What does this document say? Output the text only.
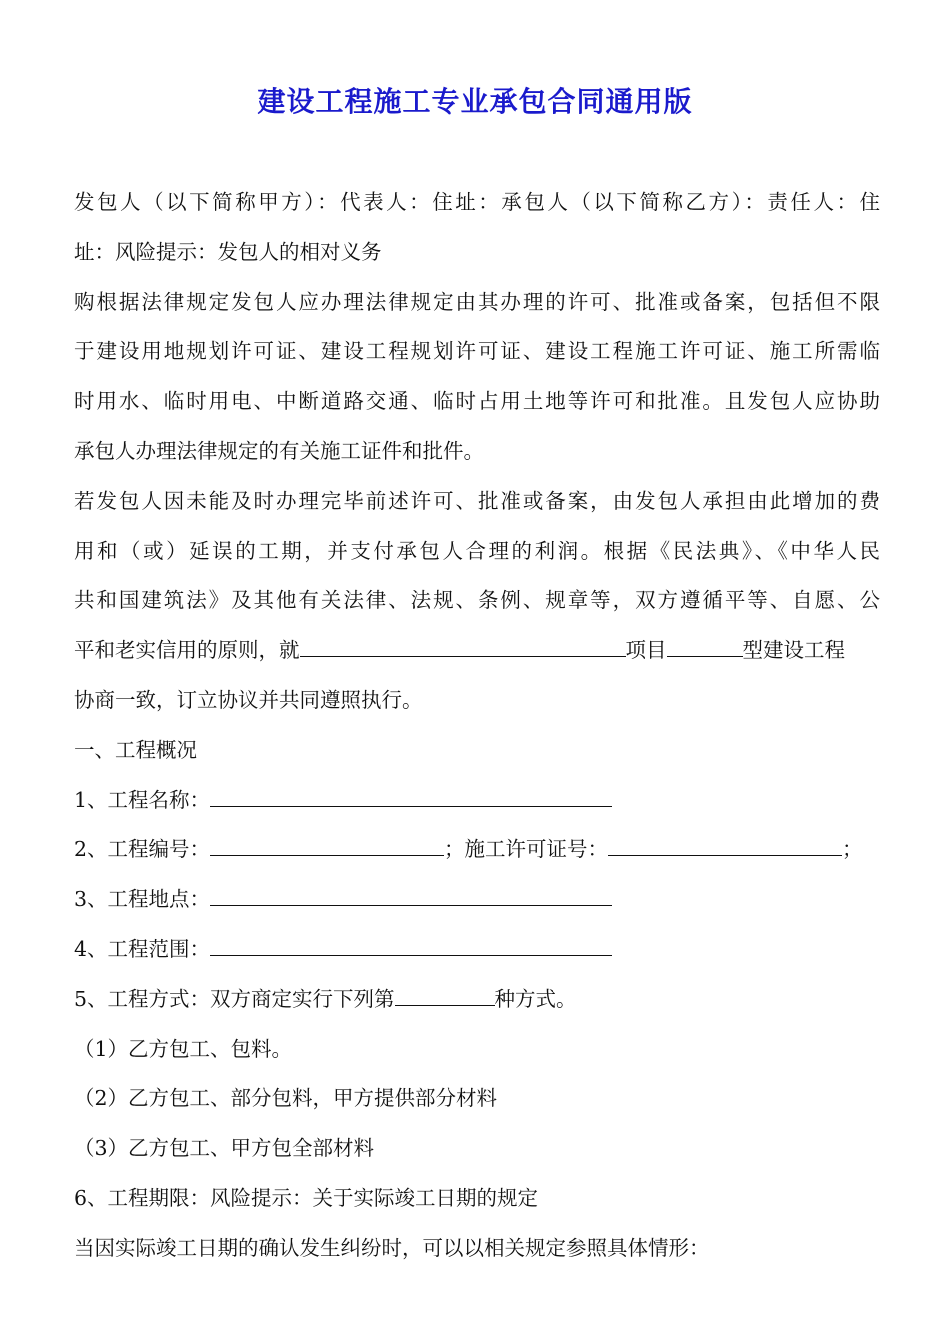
建设工程施工专业承包合同通用版
发包人（以下简称甲方）：代表人：住址：承包人（以下简称乙方）：责任人：住
址：风险提示：发包人的相对义务
购根据法律规定发包人应办理法律规定由其办理的许可、批准或备案，包括但不限
于建设用地规划许可证、建设工程规划许可证、建设工程施工许可证、施工所需临
时用水、临时用电、中断道路交通、临时占用土地等许可和批准。且发包人应协助
承包人办理法律规定的有关施工证件和批件。
若发包人因未能及时办理完毕前述许可、批准或备案，由发包人承担由此增加的费
用和（或）延误的工期，并支付承包人合理的利润。根据《民法典》、《中华人民
共和国建筑法》及其他有关法律、法规、条例、规章等，双方遵循平等、自愿、公
平和老实信用的原则，就	项目	型建设工程
协商一致，订立协议并共同遵照执行。
一、工程概况
1、工程名称：
2、工程编号：	；施工许可证号：	；
3、工程地点：
4、工程范围：
5、工程方式：双方商定实行下列第	种方式。
（1）乙方包工、包料。
（2）乙方包工、部分包料，甲方提供部分材料
（3）乙方包工、甲方包全部材料
6、工程期限：风险提示：关于实际竣工日期的规定
当因实际竣工日期的确认发生纠纷时，可以以相关规定参照具体情形：
